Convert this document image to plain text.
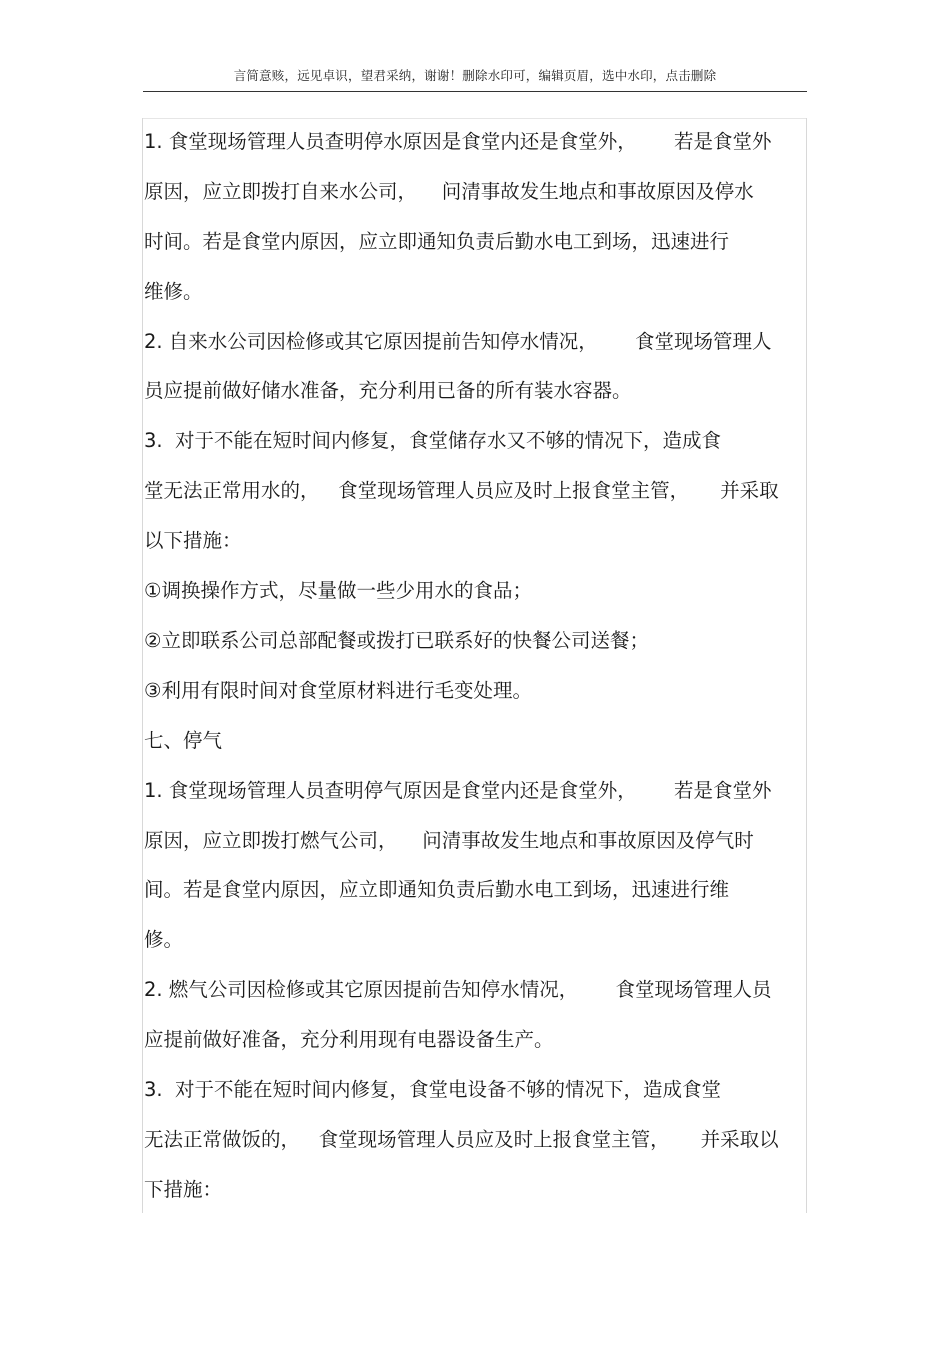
言简意赅，远见卓识，望君采纳，谢谢！删除水印可，编辑页眉，选中水印，点击删除
1. 食堂现场管理人员查明停水原因是食堂内还是食堂外，      若是食堂外
原因，应立即拨打自来水公司，    问清事故发生地点和事故原因及停水
时间。若是食堂内原因，应立即通知负责后勤水电工到场，迅速进行
维修。
2. 自来水公司因检修或其它原因提前告知停水情况，      食堂现场管理人
员应提前做好储水准备，充分利用已备的所有装水容器。
3.  对于不能在短时间内修复，食堂储存水又不够的情况下，造成食
堂无法正常用水的，   食堂现场管理人员应及时上报食堂主管，     并采取
以下措施：
①调换操作方式，尽量做一些少用水的食品；
②立即联系公司总部配餐或拨打已联系好的快餐公司送餐；
③利用有限时间对食堂原材料进行毛变处理。
七、停气
1. 食堂现场管理人员查明停气原因是食堂内还是食堂外，      若是食堂外
原因，应立即拨打燃气公司，    问清事故发生地点和事故原因及停气时
间。若是食堂内原因，应立即通知负责后勤水电工到场，迅速进行维
修。
2. 燃气公司因检修或其它原因提前告知停水情况，      食堂现场管理人员
应提前做好准备，充分利用现有电器设备生产。
3.  对于不能在短时间内修复，食堂电设备不够的情况下，造成食堂
无法正常做饭的，   食堂现场管理人员应及时上报食堂主管，     并采取以
下措施：
